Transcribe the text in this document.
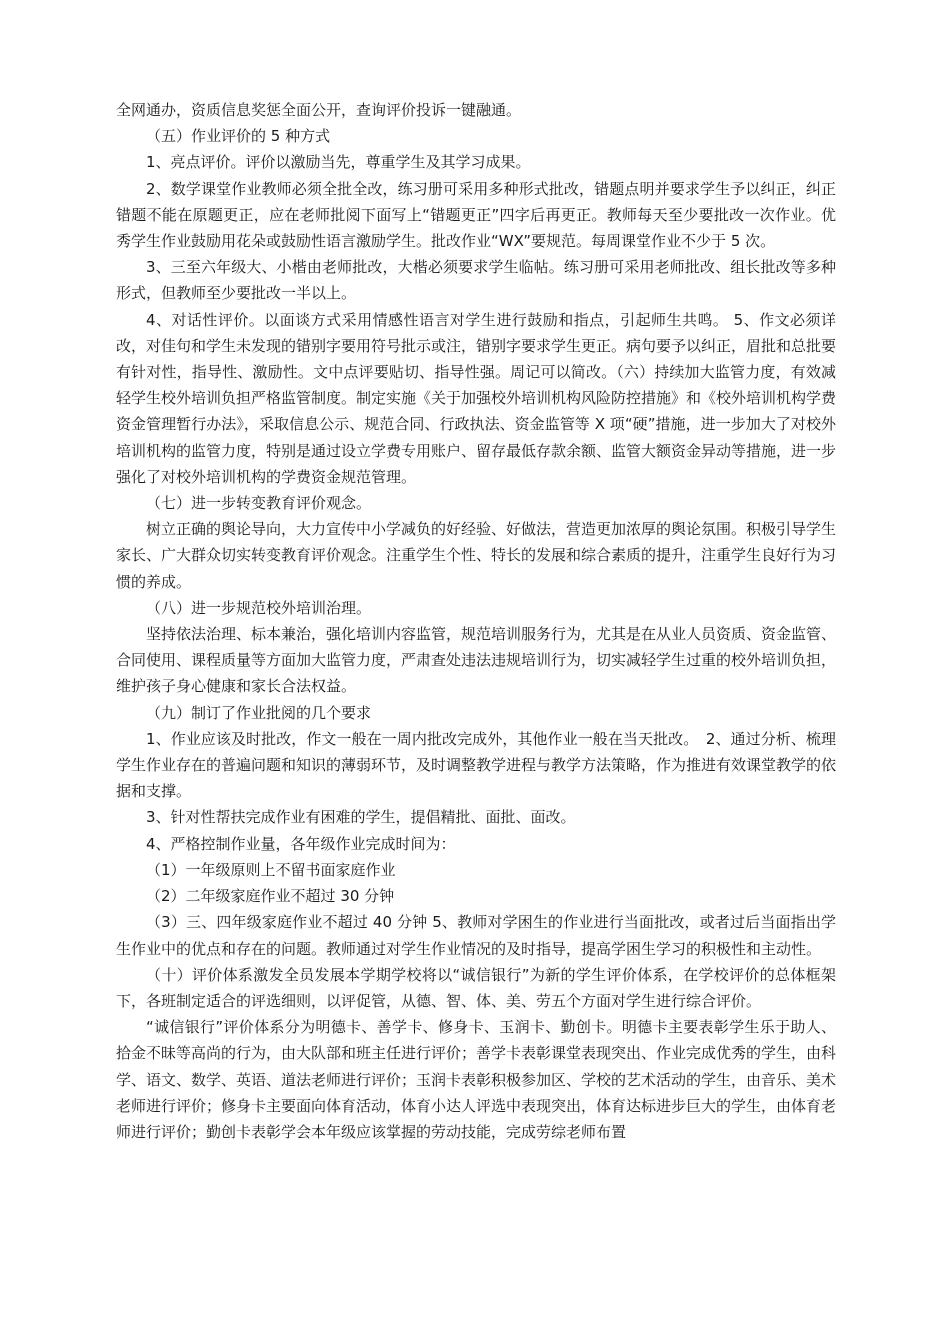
全网通办，资质信息奖惩全面公开，查询评价投诉一键融通。

（五）作业评价的 5 种方式

1、亮点评价。评价以激励当先，尊重学生及其学习成果。

2、数学课堂作业教师必须全批全改，练习册可采用多种形式批改，错题点明并要求学生予以纠正，纠正错题不能在原题更正，应在老师批阅下面写上“错题更正”四字后再更正。教师每天至少要批改一次作业。优秀学生作业鼓励用花朵或鼓励性语言激励学生。批改作业“WX”要规范。每周课堂作业不少于 5 次。

3、三至六年级大、小楷由老师批改，大楷必须要求学生临帖。练习册可采用老师批改、组长批改等多种形式，但教师至少要批改一半以上。

4、对话性评价。以面谈方式采用情感性语言对学生进行鼓励和指点，引起师生共鸣。 5、作文必须详改，对佳句和学生未发现的错别字要用符号批示或注，错别字要求学生更正。病句要予以纠正，眉批和总批要有针对性，指导性、激励性。文中点评要贴切、指导性强。周记可以简改。（六）持续加大监管力度，有效减轻学生校外培训负担严格监管制度。制定实施《关于加强校外培训机构风险防控措施》和《校外培训机构学费资金管理暂行办法》，采取信息公示、规范合同、行政执法、资金监管等 X 项“硬”措施，进一步加大了对校外培训机构的监管力度，特别是通过设立学费专用账户、留存最低存款余额、监管大额资金异动等措施，进一步强化了对校外培训机构的学费资金规范管理。

（七）进一步转变教育评价观念。

树立正确的舆论导向，大力宣传中小学减负的好经验、好做法，营造更加浓厚的舆论氛围。积极引导学生家长、广大群众切实转变教育评价观念。注重学生个性、特长的发展和综合素质的提升，注重学生良好行为习惯的养成。

（八）进一步规范校外培训治理。

坚持依法治理、标本兼治，强化培训内容监管，规范培训服务行为，尤其是在从业人员资质、资金监管、合同使用、课程质量等方面加大监管力度，严肃查处违法违规培训行为，切实减轻学生过重的校外培训负担，维护孩子身心健康和家长合法权益。

（九）制订了作业批阅的几个要求

1、作业应该及时批改，作文一般在一周内批改完成外，其他作业一般在当天批改。　2、通过分析、梳理学生作业存在的普遍问题和知识的薄弱环节，及时调整教学进程与教学方法策略，作为推进有效课堂教学的依据和支撑。

3、针对性帮扶完成作业有困难的学生，提倡精批、面批、面改。

4、严格控制作业量，各年级作业完成时间为：

（1）一年级原则上不留书面家庭作业

（2）二年级家庭作业不超过 30 分钟

（3）三、四年级家庭作业不超过 40 分钟 5、教师对学困生的作业进行当面批改，或者过后当面指出学生作业中的优点和存在的问题。教师通过对学生作业情况的及时指导，提高学困生学习的积极性和主动性。

（十）评价体系激发全员发展本学期学校将以“诚信银行”为新的学生评价体系，在学校评价的总体框架下，各班制定适合的评选细则，以评促管，从德、智、体、美、劳五个方面对学生进行综合评价。

“诚信银行”评价体系分为明德卡、善学卡、修身卡、玉润卡、勤创卡。明德卡主要表彰学生乐于助人、拾金不昧等高尚的行为，由大队部和班主任进行评价；善学卡表彰课堂表现突出、作业完成优秀的学生，由科学、语文、数学、英语、道法老师进行评价；玉润卡表彰积极参加区、学校的艺术活动的学生，由音乐、美术老师进行评价；修身卡主要面向体育活动，体育小达人评选中表现突出，体育达标进步巨大的学生，由体育老师进行评价；勤创卡表彰学会本年级应该掌握的劳动技能，完成劳综老师布置
